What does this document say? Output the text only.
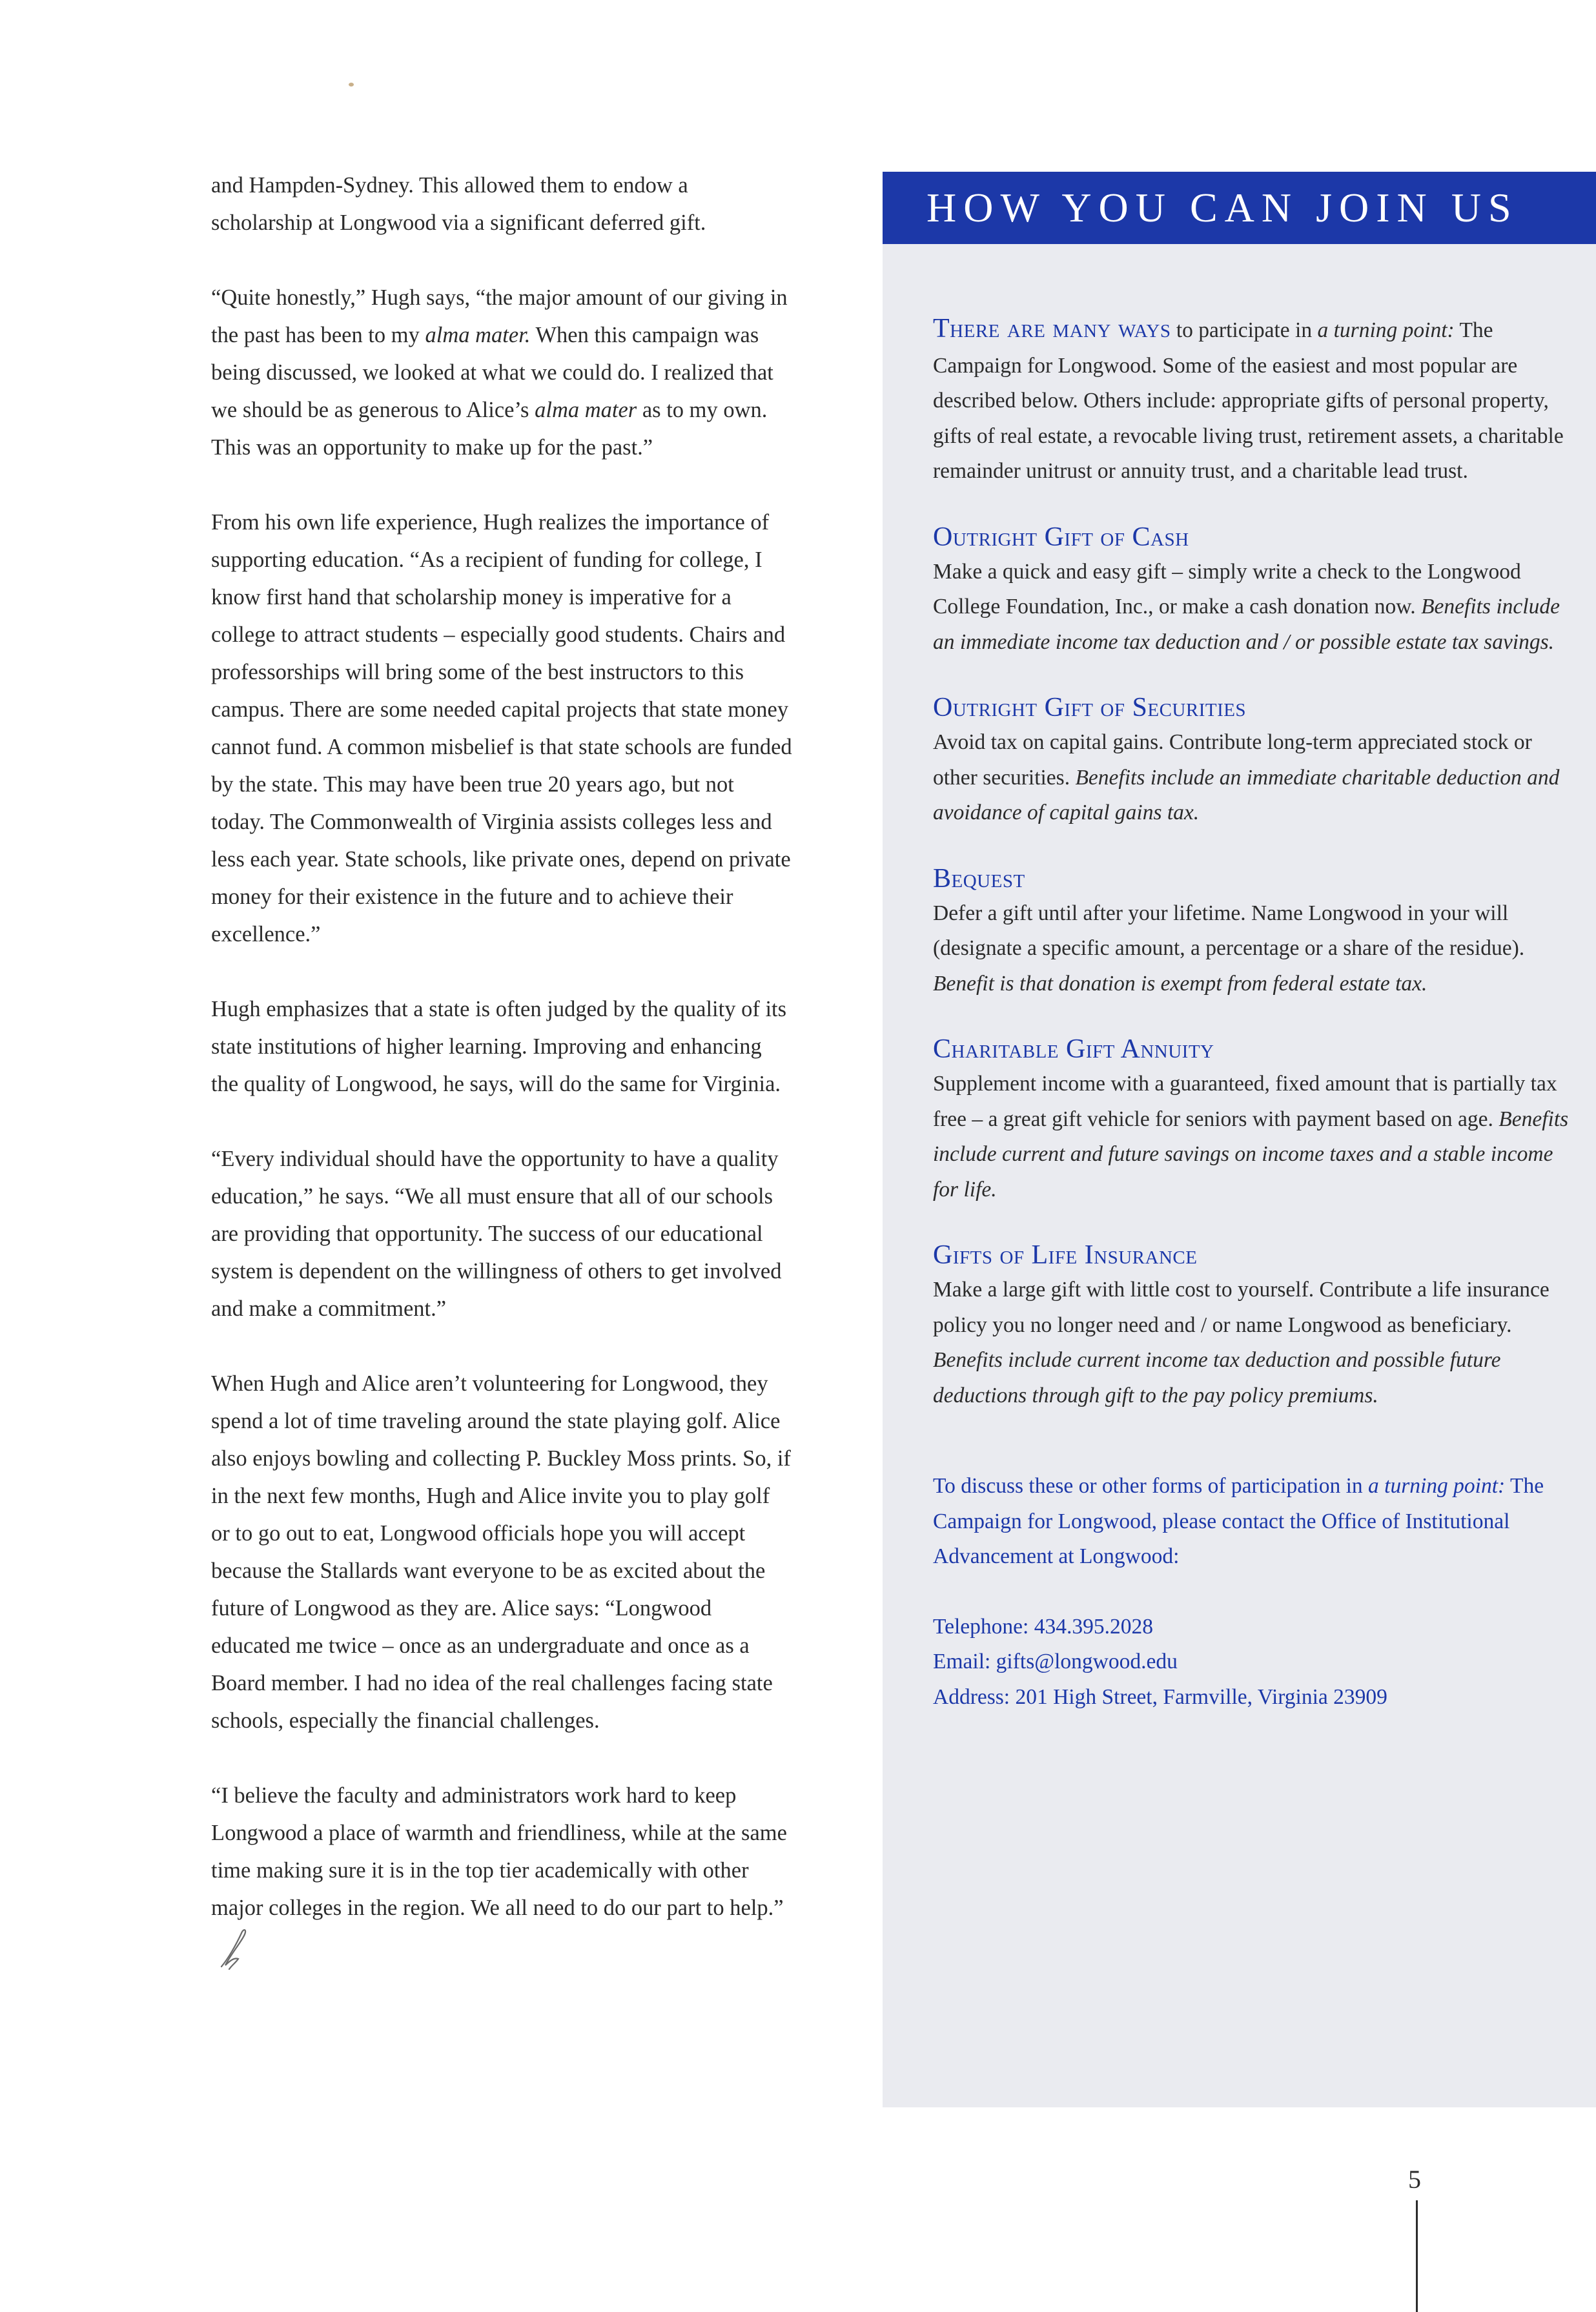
and Hampden-Sydney. This allowed them to endow a scholarship at Longwood via a significant deferred gift.

“Quite honestly,” Hugh says, “the major amount of our giving in the past has been to my alma mater. When this campaign was being discussed, we looked at what we could do. I realized that we should be as generous to Alice’s alma mater as to my own. This was an opportunity to make up for the past.”

From his own life experience, Hugh realizes the importance of supporting education. “As a recipient of funding for college, I know first hand that scholarship money is imperative for a college to attract students – especially good students. Chairs and professorships will bring some of the best instructors to this campus. There are some needed capital projects that state money cannot fund. A common misbelief is that state schools are funded by the state. This may have been true 20 years ago, but not today. The Commonwealth of Virginia assists colleges less and less each year. State schools, like private ones, depend on private money for their existence in the future and to achieve their excellence.”

Hugh emphasizes that a state is often judged by the quality of its state institutions of higher learning. Improving and enhancing the quality of Longwood, he says, will do the same for Virginia.

“Every individual should have the opportunity to have a quality education,” he says. “We all must ensure that all of our schools are providing that opportunity. The success of our educational system is dependent on the willingness of others to get involved and make a commitment.”

When Hugh and Alice aren’t volunteering for Longwood, they spend a lot of time traveling around the state playing golf. Alice also enjoys bowling and collecting P. Buckley Moss prints. So, if in the next few months, Hugh and Alice invite you to play golf or to go out to eat, Longwood officials hope you will accept because the Stallards want everyone to be as excited about the future of Longwood as they are. Alice says: “Longwood educated me twice – once as an undergraduate and once as a Board member. I had no idea of the real challenges facing state schools, especially the financial challenges.

“I believe the faculty and administrators work hard to keep Longwood a place of warmth and friendliness, while at the same time making sure it is in the top tier academically with other major colleges in the region. We all need to do our part to help.”

HOW YOU CAN JOIN US

There are many ways to participate in a turning point: The Campaign for Longwood. Some of the easiest and most popular are described below. Others include: appropriate gifts of personal property, gifts of real estate, a revocable living trust, retirement assets, a charitable remainder unitrust or annuity trust, and a charitable lead trust.

Outright Gift of Cash

Make a quick and easy gift – simply write a check to the Longwood College Foundation, Inc., or make a cash donation now. Benefits include an immediate income tax deduction and / or possible estate tax savings.

Outright Gift of Securities

Avoid tax on capital gains. Contribute long-term appreciated stock or other securities. Benefits include an immediate charitable deduction and avoidance of capital gains tax.

Bequest

Defer a gift until after your lifetime. Name Longwood in your will (designate a specific amount, a percentage or a share of the residue). Benefit is that donation is exempt from federal estate tax.

Charitable Gift Annuity

Supplement income with a guaranteed, fixed amount that is partially tax free – a great gift vehicle for seniors with payment based on age. Benefits include current and future savings on income taxes and a stable income for life.

Gifts of Life Insurance

Make a large gift with little cost to yourself. Contribute a life insurance policy you no longer need and / or name Longwood as beneficiary. Benefits include current income tax deduction and possible future deductions through gift to the pay policy premiums.

To discuss these or other forms of participation in a turning point: The Campaign for Longwood, please contact the Office of Institutional Advancement at Longwood:

Telephone: 434.395.2028
Email: gifts@longwood.edu
Address: 201 High Street, Farmville, Virginia 23909

5
